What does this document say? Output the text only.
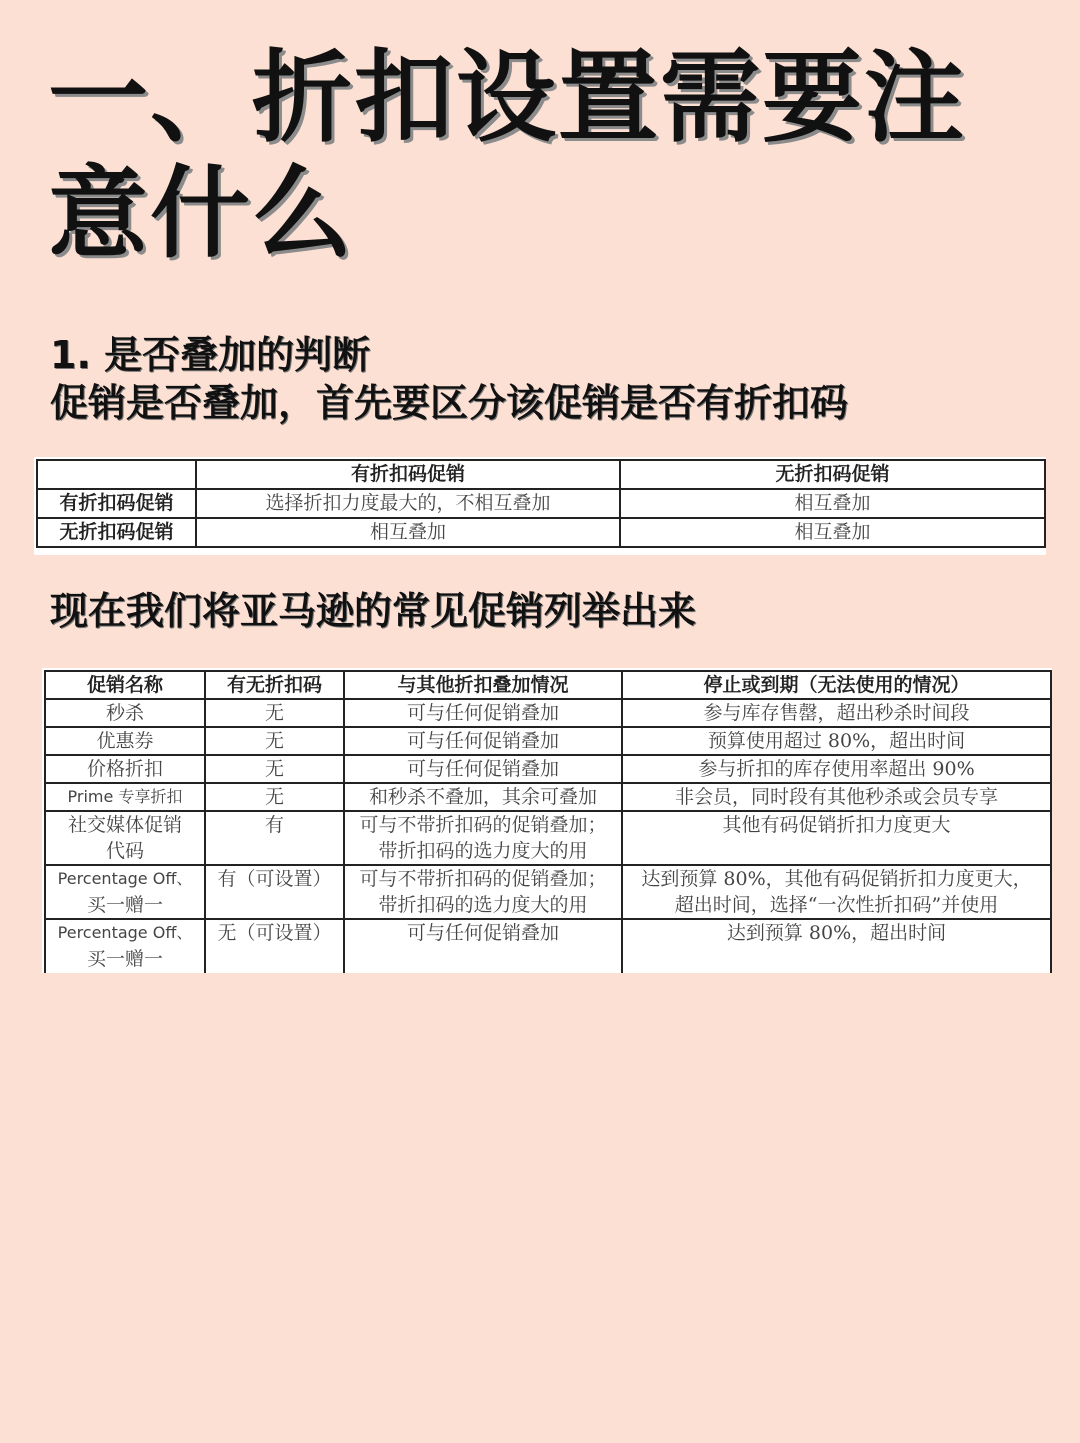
一、折扣设置需要注意什么
1. 是否叠加的判断
促销是否叠加，首先要区分该促销是否有折扣码
	有折扣码促销	无折扣码促销
有折扣码促销	选择折扣力度最大的，不相互叠加	相互叠加
无折扣码促销	相互叠加	相互叠加
现在我们将亚马逊的常见促销列举出来
促销名称	有无折扣码	与其他折扣叠加情况	停止或到期（无法使用的情况）

秒杀	无	可与任何促销叠加	参与库存售罄，超出秒杀时间段

优惠券	无	可与任何促销叠加	预算使用超过 80%，超出时间

价格折扣	无	可与任何促销叠加	参与折扣的库存使用率超出 90%

Prime 专享折扣	无	和秒杀不叠加，其余可叠加	非会员，同时段有其他秒杀或会员专享

社交媒体促销
代码	有	可与不带折扣码的促销叠加；
带折扣码的选力度大的用	其他有码促销折扣力度更大

Percentage Off、
买一赠一	有（可设置）	可与不带折扣码的促销叠加；
带折扣码的选力度大的用	达到预算 80%，其他有码促销折扣力度更大，
超出时间，选择“一次性折扣码”并使用

Percentage Off、
买一赠一	无（可设置）	可与任何促销叠加	达到预算 80%，超出时间
